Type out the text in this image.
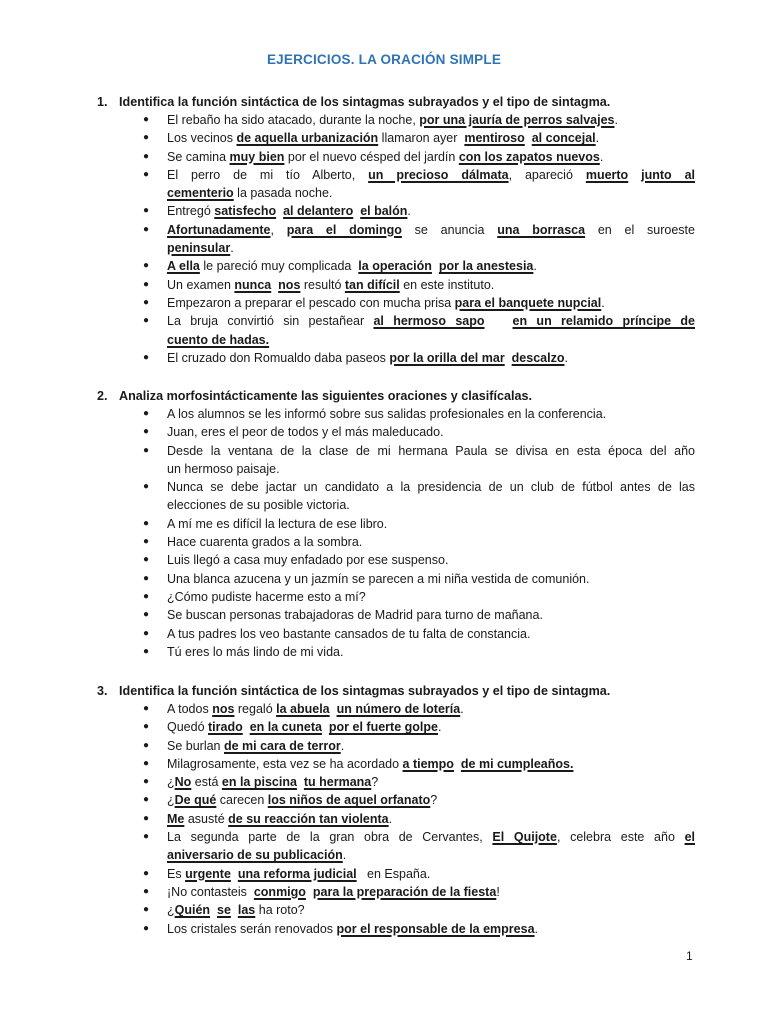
EJERCICIOS. LA ORACIÓN SIMPLE
1. Identifica la función sintáctica de los sintagmas subrayados y el tipo de sintagma.
● El rebaño ha sido atacado, durante la noche, por una jauría de perros salvajes.
● Los vecinos de aquella urbanización llamaron ayer  mentiroso al concejal.
● Se camina muy bien por el nuevo césped del jardín con los zapatos nuevos.
● El perro de mi tío Alberto, un precioso dálmata, apareció muerto junto al
cementerio la pasada noche.
● Entregó satisfecho al delantero el balón.
● Afortunadamente, para el domingo se anuncia una borrasca en el suroeste
peninsular.
● A ella le pareció muy complicada  la operación por la anestesia.
● Un examen nunca nos resultó tan difícil en este instituto.
● Empezaron a preparar el pescado con mucha prisa para el banquete nupcial.
● La bruja convirtió sin pestañear al hermoso sapo en un relamido príncipe de
cuento de hadas.
● El cruzado don Romualdo daba paseos por la orilla del mar descalzo.
2. Analiza morfosintácticamente las siguientes oraciones y clasifícalas.
● A los alumnos se les informó sobre sus salidas profesionales en la conferencia.
● Juan, eres el peor de todos y el más maleducado.
● Desde la ventana de la clase de mi hermana Paula se divisa en esta época del año
un hermoso paisaje.
● Nunca se debe jactar un candidato a la presidencia de un club de fútbol antes de las
elecciones de su posible victoria.
● A mí me es difícil la lectura de ese libro.
● Hace cuarenta grados a la sombra.
● Luis llegó a casa muy enfadado por ese suspenso.
● Una blanca azucena y un jazmín se parecen a mi niña vestida de comunión.
● ¿Cómo pudiste hacerme esto a mí?
● Se buscan personas trabajadoras de Madrid para turno de mañana.
● A tus padres los veo bastante cansados de tu falta de constancia.
● Tú eres lo más lindo de mi vida.
3. Identifica la función sintáctica de los sintagmas subrayados y el tipo de sintagma.
● A todos nos regaló la abuela un número de lotería.
● Quedó tirado en la cuneta por el fuerte golpe.
● Se burlan de mi cara de terror.
● Milagrosamente, esta vez se ha acordado a tiempo de mi cumpleaños.
● ¿No está en la piscina tu hermana?
● ¿De qué carecen los niños de aquel orfanato?
● Me asusté de su reacción tan violenta.
● La segunda parte de la gran obra de Cervantes, El Quijote, celebra este año el
aniversario de su publicación.
● Es urgente una reforma judicial   en España.
● ¡No contasteis  conmigo para la preparación de la fiesta!
● ¿Quién se las ha roto?
● Los cristales serán renovados por el responsable de la empresa.
1
